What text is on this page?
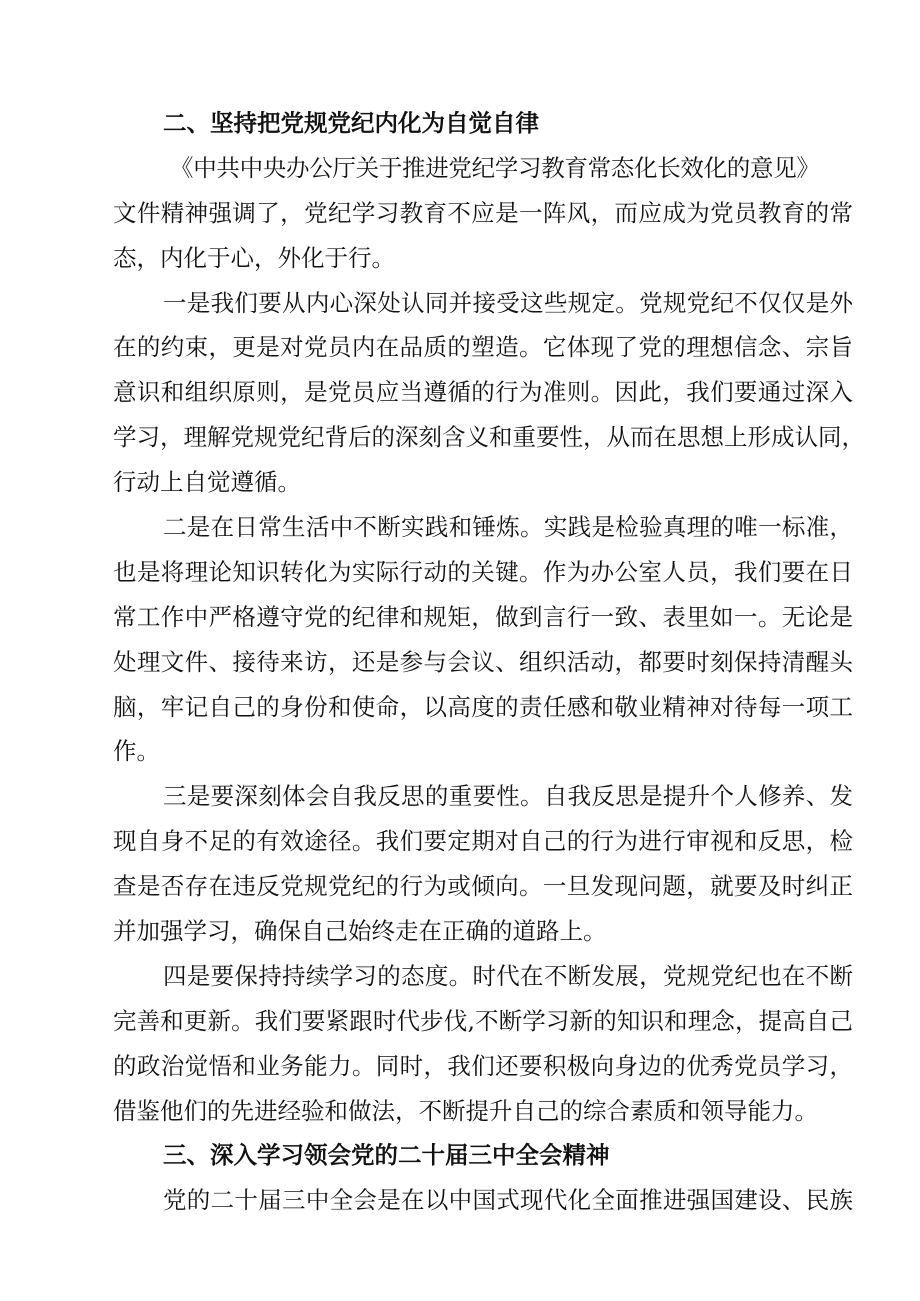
二、坚持把党规党纪内化为自觉自律
《中共中央办公厅关于推进党纪学习教育常态化长效化的意见》
文件精神强调了，党纪学习教育不应是一阵风，而应成为党员教育的常
态，内化于心，外化于行。
一是我们要从内心深处认同并接受这些规定。党规党纪不仅仅是外
在的约束，更是对党员内在品质的塑造。它体现了党的理想信念、宗旨
意识和组织原则，是党员应当遵循的行为准则。因此，我们要通过深入
学习，理解党规党纪背后的深刻含义和重要性，从而在思想上形成认同，
行动上自觉遵循。
二是在日常生活中不断实践和锤炼。实践是检验真理的唯一标准，
也是将理论知识转化为实际行动的关键。作为办公室人员，我们要在日
常工作中严格遵守党的纪律和规矩，做到言行一致、表里如一。无论是
处理文件、接待来访，还是参与会议、组织活动，都要时刻保持清醒头
脑，牢记自己的身份和使命，以高度的责任感和敬业精神对待每一项工
作。
三是要深刻体会自我反思的重要性。自我反思是提升个人修养、发
现自身不足的有效途径。我们要定期对自己的行为进行审视和反思，检
查是否存在违反党规党纪的行为或倾向。一旦发现问题，就要及时纠正
并加强学习，确保自己始终走在正确的道路上。
四是要保持持续学习的态度。时代在不断发展，党规党纪也在不断
完善和更新。我们要紧跟时代步伐,不断学习新的知识和理念，提高自己
的政治觉悟和业务能力。同时，我们还要积极向身边的优秀党员学习，
借鉴他们的先进经验和做法，不断提升自己的综合素质和领导能力。
三、深入学习领会党的二十届三中全会精神
党的二十届三中全会是在以中国式现代化全面推进强国建设、民族
